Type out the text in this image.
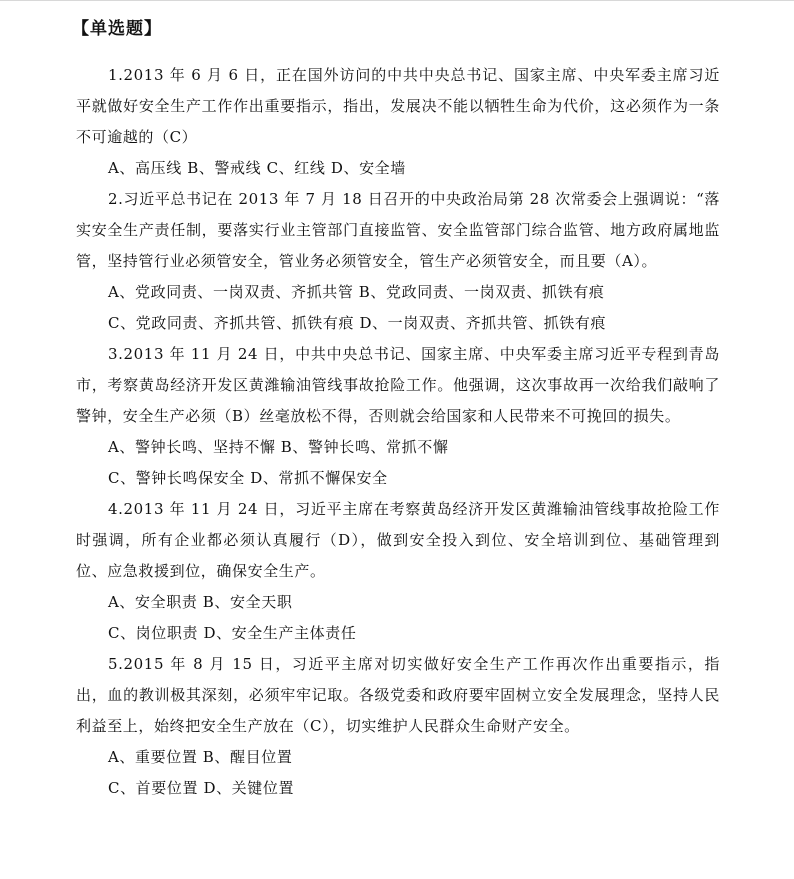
【单选题】

1.2013 年 6 月 6 日，正在国外访问的中共中央总书记、国家主席、中央军委主席习近平就做好安全生产工作作出重要指示，指出，发展决不能以牺牲生命为代价，这必须作为一条不可逾越的（C）

A、高压线 B、警戒线 C、红线 D、安全墙

2.习近平总书记在 2013 年 7 月 18 日召开的中央政治局第 28 次常委会上强调说：“落实安全生产责任制，要落实行业主管部门直接监管、安全监管部门综合监管、地方政府属地监管，坚持管行业必须管安全，管业务必须管安全，管生产必须管安全，而且要（A）。

A、党政同责、一岗双责、齐抓共管 B、党政同责、一岗双责、抓铁有痕

C、党政同责、齐抓共管、抓铁有痕 D、一岗双责、齐抓共管、抓铁有痕

3.2013 年 11 月 24 日，中共中央总书记、国家主席、中央军委主席习近平专程到青岛市，考察黄岛经济开发区黄潍输油管线事故抢险工作。他强调，这次事故再一次给我们敲响了警钟，安全生产必须（B）丝毫放松不得，否则就会给国家和人民带来不可挽回的损失。

A、警钟长鸣、坚持不懈 B、警钟长鸣、常抓不懈

C、警钟长鸣保安全 D、常抓不懈保安全

4.2013 年 11 月 24 日，习近平主席在考察黄岛经济开发区黄潍输油管线事故抢险工作时强调，所有企业都必须认真履行（D），做到安全投入到位、安全培训到位、基础管理到位、应急救援到位，确保安全生产。

A、安全职责 B、安全天职

C、岗位职责 D、安全生产主体责任

5.2015 年 8 月 15 日，习近平主席对切实做好安全生产工作再次作出重要指示，指出，血的教训极其深刻，必须牢牢记取。各级党委和政府要牢固树立安全发展理念，坚持人民利益至上，始终把安全生产放在（C），切实维护人民群众生命财产安全。

A、重要位置 B、醒目位置

C、首要位置 D、关键位置
